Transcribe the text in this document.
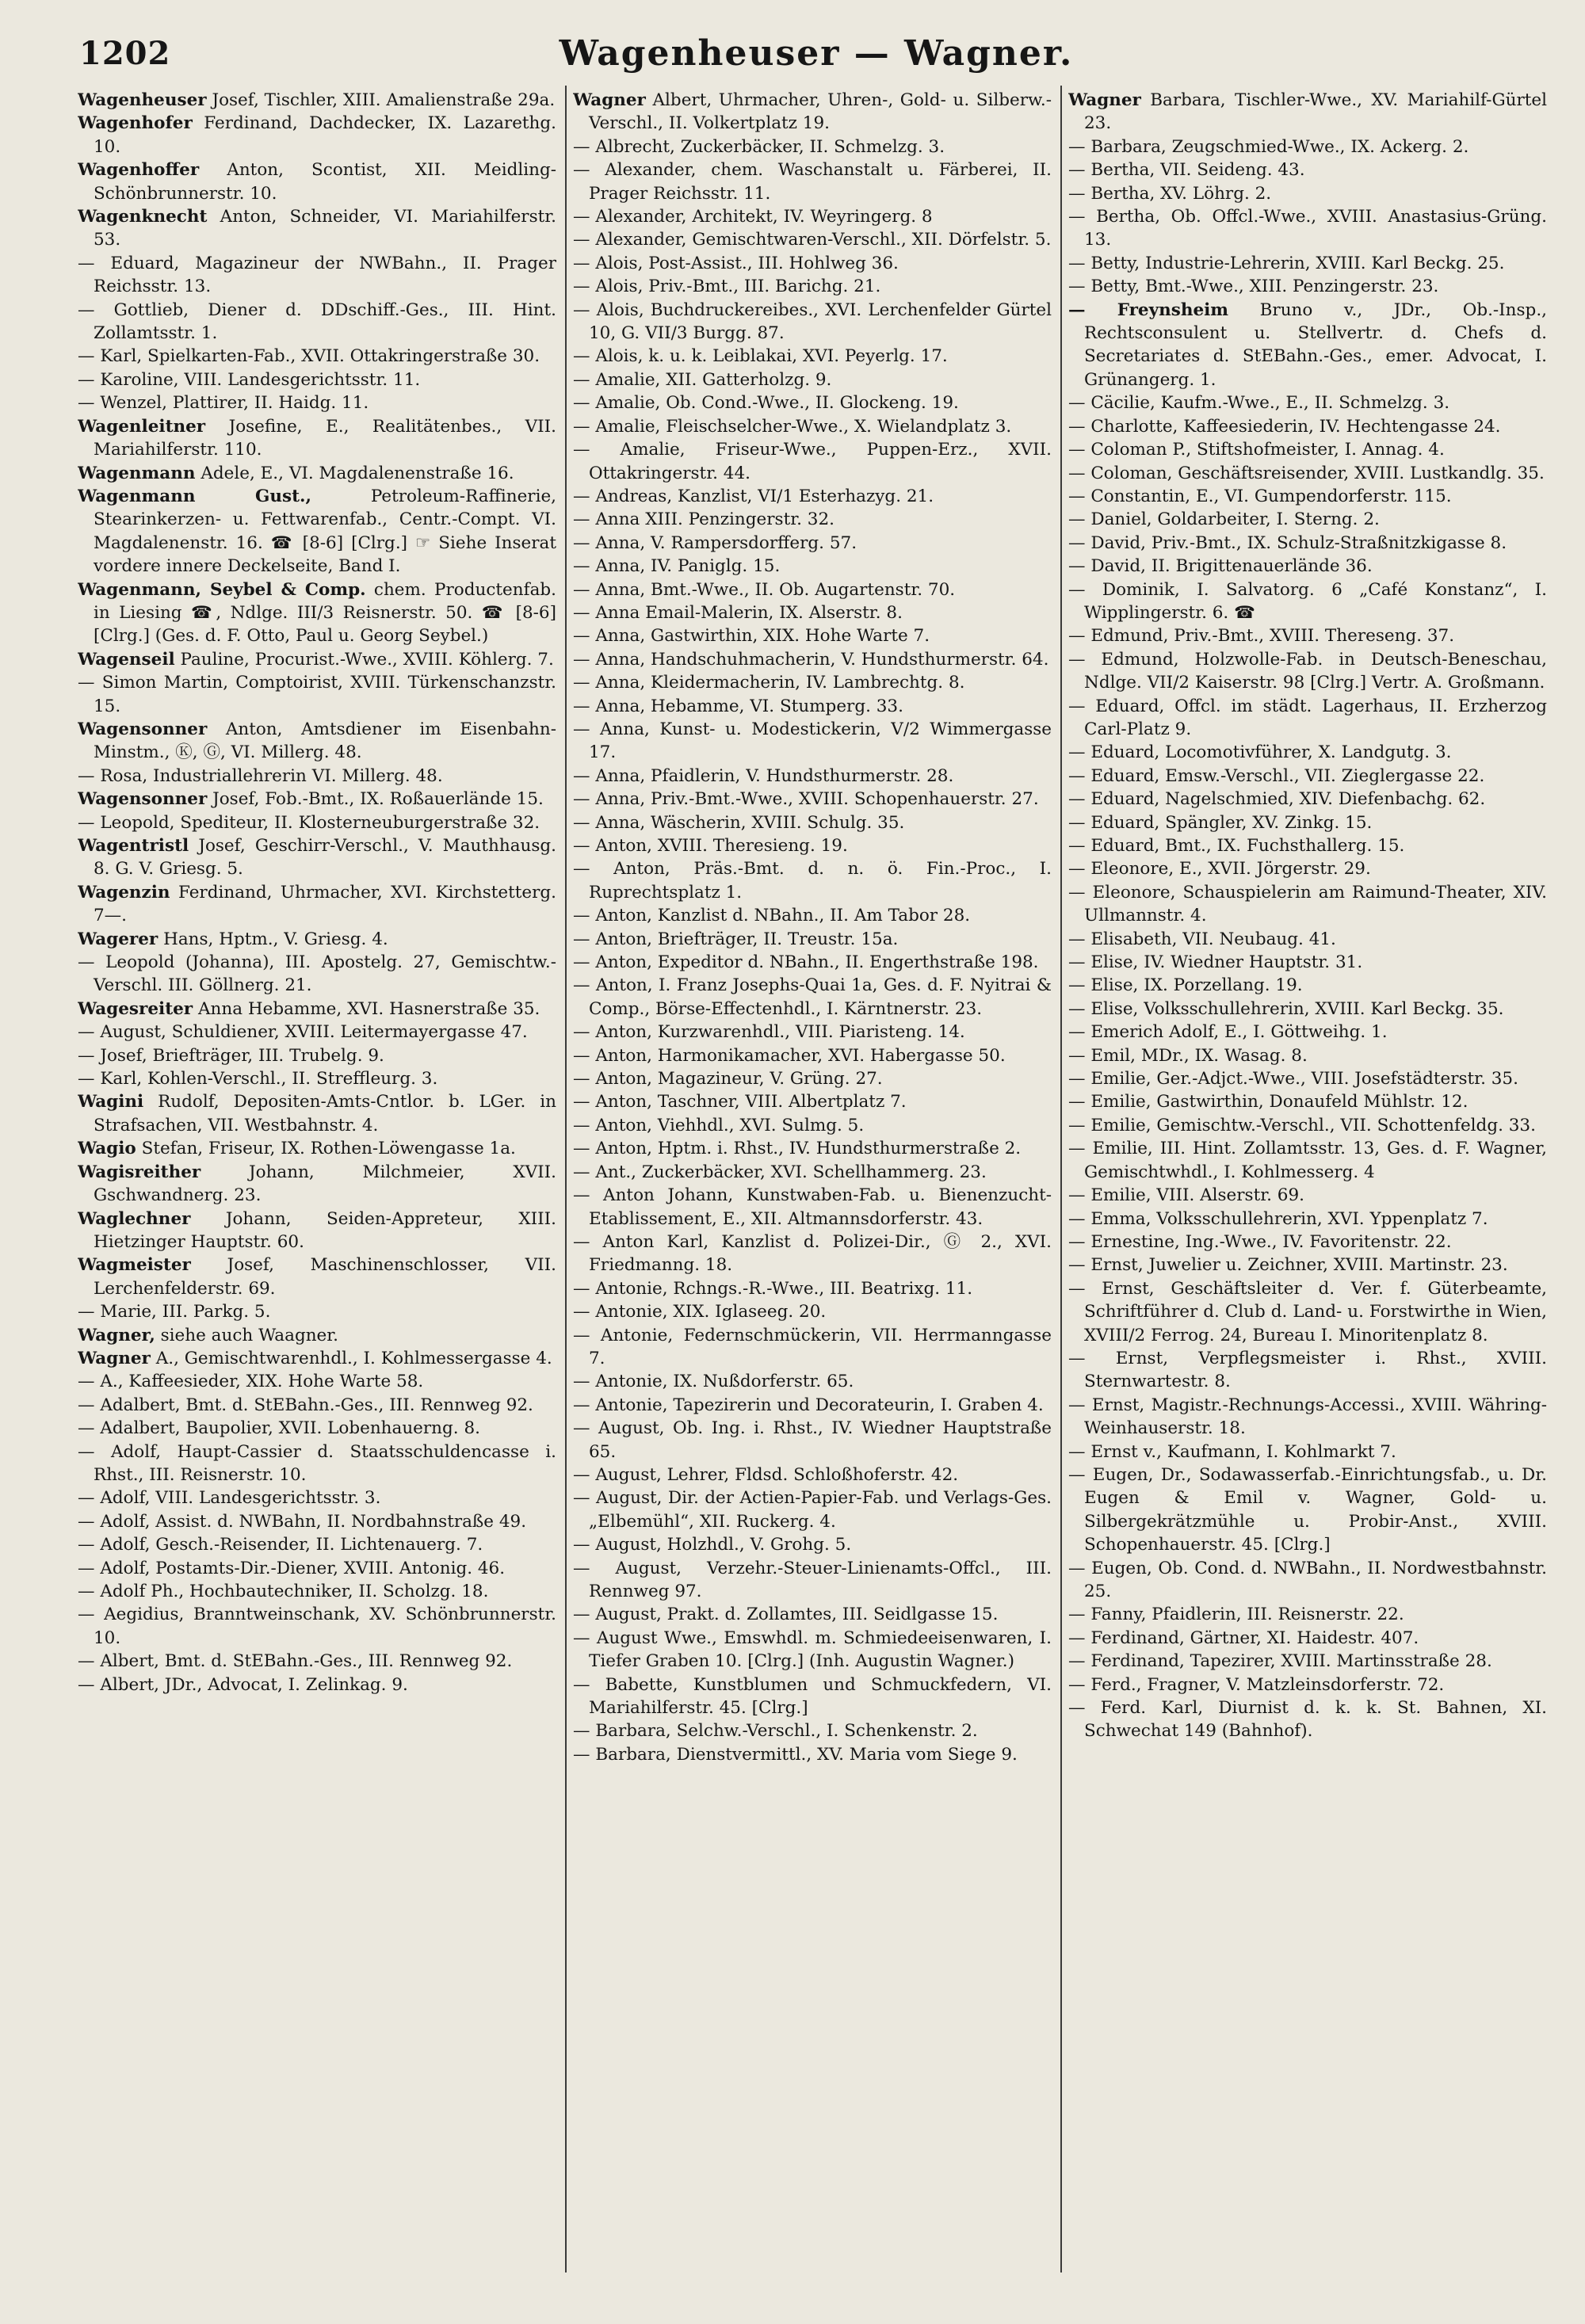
1202	Wagenheuser — Wagner.

Wagenheuser Josef, Tischler, XIII. Amalienstraße 29a.

Wagenhofer Ferdinand, Dachdecker, IX. Lazarethg. 10.

Wagenhoffer Anton, Scontist, XII. Meidling-Schönbrunnerstr. 10.

Wagenknecht Anton, Schneider, VI. Mariahilferstr. 53.

— Eduard, Magazineur der NWBahn., II. Prager Reichsstr. 13.

— Gottlieb, Diener d. DDschiff.-Ges., III. Hint. Zollamtsstr. 1.

— Karl, Spielkarten-Fab., XVII. Ottakringerstraße 30.

— Karoline, VIII. Landesgerichtsstr. 11.

— Wenzel, Plattirer, II. Haidg. 11.

Wagenleitner Josefine, E., Realitätenbes., VII. Mariahilferstr. 110.

Wagenmann Adele, E., VI. Magdalenenstraße 16.

Wagenmann Gust., Petroleum-Raffinerie, Stearinkerzen- u. Fettwarenfab., Centr.-Compt. VI. Magdalenenstr. 16. ☎ [8-6] [Clrg.] ☞ Siehe Inserat vordere innere Deckelseite, Band I.

Wagenmann, Seybel & Comp. chem. Productenfab. in Liesing ☎, Ndlge. III/3 Reisnerstr. 50. ☎ [8-6] [Clrg.] (Ges. d. F. Otto, Paul u. Georg Seybel.)

Wagenseil Pauline, Procurist.-Wwe., XVIII. Köhlerg. 7.

— Simon Martin, Comptoirist, XVIII. Türkenschanzstr. 15.

Wagensonner Anton, Amtsdiener im Eisenbahn-Minstm., Ⓚ, Ⓖ, VI. Millerg. 48.

— Rosa, Industriallehrerin VI. Millerg. 48.

Wagensonner Josef, Fob.-Bmt., IX. Roßauerlände 15.

— Leopold, Spediteur, II. Klosterneuburgerstraße 32.

Wagentristl Josef, Geschirr-Verschl., V. Mauthhausg. 8. G. V. Griesg. 5.

Wagenzin Ferdinand, Uhrmacher, XVI. Kirchstetterg. 7—.

Wagerer Hans, Hptm., V. Griesg. 4.

— Leopold (Johanna), III. Apostelg. 27, Gemischtw.-Verschl. III. Göllnerg. 21.

Wagesreiter Anna Hebamme, XVI. Hasnerstraße 35.

— August, Schuldiener, XVIII. Leitermayergasse 47.

— Josef, Briefträger, III. Trubelg. 9.

— Karl, Kohlen-Verschl., II. Streffleurg. 3.

Wagini Rudolf, Depositen-Amts-Cntlor. b. LGer. in Strafsachen, VII. Westbahnstr. 4.

Wagio Stefan, Friseur, IX. Rothen-Löwengasse 1a.

Wagisreither Johann, Milchmeier, XVII. Gschwandnerg. 23.

Waglechner Johann, Seiden-Appreteur, XIII. Hietzinger Hauptstr. 60.

Wagmeister Josef, Maschinenschlosser, VII. Lerchenfelderstr. 69.

— Marie, III. Parkg. 5.

Wagner, siehe auch Waagner.

Wagner A., Gemischtwarenhdl., I. Kohlmessergasse 4.

— A., Kaffeesieder, XIX. Hohe Warte 58.

— Adalbert, Bmt. d. StEBahn.-Ges., III. Rennweg 92.

— Adalbert, Baupolier, XVII. Lobenhauerng. 8.

— Adolf, Haupt-Cassier d. Staatsschuldencasse i. Rhst., III. Reisnerstr. 10.

— Adolf, VIII. Landesgerichtsstr. 3.

— Adolf, Assist. d. NWBahn, II. Nordbahnstraße 49.

— Adolf, Gesch.-Reisender, II. Lichtenauerg. 7.

— Adolf, Postamts-Dir.-Diener, XVIII. Antonig. 46.

— Adolf Ph., Hochbautechniker, II. Scholzg. 18.

— Aegidius, Branntweinschank, XV. Schönbrunnerstr. 10.

— Albert, Bmt. d. StEBahn.-Ges., III. Rennweg 92.

— Albert, JDr., Advocat, I. Zelinkag. 9.

Wagner Albert, Uhrmacher, Uhren-, Gold- u. Silberw.-Verschl., II. Volkertplatz 19.

— Albrecht, Zuckerbäcker, II. Schmelzg. 3.

— Alexander, chem. Waschanstalt u. Färberei, II. Prager Reichsstr. 11.

— Alexander, Architekt, IV. Weyringerg. 8

— Alexander, Gemischtwaren-Verschl., XII. Dörfelstr. 5.

— Alois, Post-Assist., III. Hohlweg 36.

— Alois, Priv.-Bmt., III. Barichg. 21.

— Alois, Buchdruckereibes., XVI. Lerchenfelder Gürtel 10, G. VII/3 Burgg. 87.

— Alois, k. u. k. Leiblakai, XVI. Peyerlg. 17.

— Amalie, XII. Gatterholzg. 9.

— Amalie, Ob. Cond.-Wwe., II. Glockeng. 19.

— Amalie, Fleischselcher-Wwe., X. Wielandplatz 3.

— Amalie, Friseur-Wwe., Puppen-Erz., XVII. Ottakringerstr. 44.

— Andreas, Kanzlist, VI/1 Esterhazyg. 21.

— Anna XIII. Penzingerstr. 32.

— Anna, V. Rampersdorfferg. 57.

— Anna, IV. Paniglg. 15.

— Anna, Bmt.-Wwe., II. Ob. Augartenstr. 70.

— Anna Email-Malerin, IX. Alserstr. 8.

— Anna, Gastwirthin, XIX. Hohe Warte 7.

— Anna, Handschuhmacherin, V. Hundsthurmerstr. 64.

— Anna, Kleidermacherin, IV. Lambrechtg. 8.

— Anna, Hebamme, VI. Stumperg. 33.

— Anna, Kunst- u. Modestickerin, V/2 Wimmergasse 17.

— Anna, Pfaidlerin, V. Hundsthurmerstr. 28.

— Anna, Priv.-Bmt.-Wwe., XVIII. Schopenhauerstr. 27.

— Anna, Wäscherin, XVIII. Schulg. 35.

— Anton, XVIII. Theresieng. 19.

— Anton, Präs.-Bmt. d. n. ö. Fin.-Proc., I. Ruprechtsplatz 1.

— Anton, Kanzlist d. NBahn., II. Am Tabor 28.

— Anton, Briefträger, II. Treustr. 15a.

— Anton, Expeditor d. NBahn., II. Engerthstraße 198.

— Anton, I. Franz Josephs-Quai 1a, Ges. d. F. Nyitrai & Comp., Börse-Effectenhdl., I. Kärntnerstr. 23.

— Anton, Kurzwarenhdl., VIII. Piaristeng. 14.

— Anton, Harmonikamacher, XVI. Habergasse 50.

— Anton, Magazineur, V. Grüng. 27.

— Anton, Taschner, VIII. Albertplatz 7.

— Anton, Viehhdl., XVI. Sulmg. 5.

— Anton, Hptm. i. Rhst., IV. Hundsthurmerstraße 2.

— Ant., Zuckerbäcker, XVI. Schellhammerg. 23.

— Anton Johann, Kunstwaben-Fab. u. Bienenzucht-Etablissement, E., XII. Altmannsdorferstr. 43.

— Anton Karl, Kanzlist d. Polizei-Dir., Ⓖ 2., XVI. Friedmanng. 18.

— Antonie, Rchngs.-R.-Wwe., III. Beatrixg. 11.

— Antonie, XIX. Iglaseeg. 20.

— Antonie, Federnschmückerin, VII. Herrmanngasse 7.

— Antonie, IX. Nußdorferstr. 65.

— Antonie, Tapezirerin und Decorateurin, I. Graben 4.

— August, Ob. Ing. i. Rhst., IV. Wiedner Hauptstraße 65.

— August, Lehrer, Fldsd. Schloßhoferstr. 42.

— August, Dir. der Actien-Papier-Fab. und Verlags-Ges. „Elbemühl“, XII. Ruckerg. 4.

— August, Holzhdl., V. Grohg. 5.

— August, Verzehr.-Steuer-Linienamts-Offcl., III. Rennweg 97.

— August, Prakt. d. Zollamtes, III. Seidlgasse 15.

— August Wwe., Emswhdl. m. Schmiedeeisenwaren, I. Tiefer Graben 10. [Clrg.] (Inh. Augustin Wagner.)

— Babette, Kunstblumen und Schmuckfedern, VI. Mariahilferstr. 45. [Clrg.]

— Barbara, Selchw.-Verschl., I. Schenkenstr. 2.

— Barbara, Dienstvermittl., XV. Maria vom Siege 9.

Wagner Barbara, Tischler-Wwe., XV. Mariahilf-Gürtel 23.

— Barbara, Zeugschmied-Wwe., IX. Ackerg. 2.

— Bertha, VII. Seideng. 43.

— Bertha, XV. Löhrg. 2.

— Bertha, Ob. Offcl.-Wwe., XVIII. Anastasius-Grüng. 13.

— Betty, Industrie-Lehrerin, XVIII. Karl Beckg. 25.

— Betty, Bmt.-Wwe., XIII. Penzingerstr. 23.

— Freynsheim Bruno v., JDr., Ob.-Insp., Rechtsconsulent u. Stellvertr. d. Chefs d. Secretariates d. StEBahn.-Ges., emer. Advocat, I. Grünangerg. 1.

— Cäcilie, Kaufm.-Wwe., E., II. Schmelzg. 3.

— Charlotte, Kaffeesiederin, IV. Hechtengasse 24.

— Coloman P., Stiftshofmeister, I. Annag. 4.

— Coloman, Geschäftsreisender, XVIII. Lustkandlg. 35.

— Constantin, E., VI. Gumpendorferstr. 115.

— Daniel, Goldarbeiter, I. Sterng. 2.

— David, Priv.-Bmt., IX. Schulz-Straßnitzkigasse 8.

— David, II. Brigittenauerlände 36.

— Dominik, I. Salvatorg. 6 „Café Konstanz“, I. Wipplingerstr. 6. ☎

— Edmund, Priv.-Bmt., XVIII. Thereseng. 37.

— Edmund, Holzwolle-Fab. in Deutsch-Beneschau, Ndlge. VII/2 Kaiserstr. 98 [Clrg.] Vertr. A. Großmann.

— Eduard, Offcl. im städt. Lagerhaus, II. Erzherzog Carl-Platz 9.

— Eduard, Locomotivführer, X. Landgutg. 3.

— Eduard, Emsw.-Verschl., VII. Zieglergasse 22.

— Eduard, Nagelschmied, XIV. Diefenbachg. 62.

— Eduard, Spängler, XV. Zinkg. 15.

— Eduard, Bmt., IX. Fuchsthallerg. 15.

— Eleonore, E., XVII. Jörgerstr. 29.

— Eleonore, Schauspielerin am Raimund-Theater, XIV. Ullmannstr. 4.

— Elisabeth, VII. Neubaug. 41.

— Elise, IV. Wiedner Hauptstr. 31.

— Elise, IX. Porzellang. 19.

— Elise, Volksschullehrerin, XVIII. Karl Beckg. 35.

— Emerich Adolf, E., I. Göttweihg. 1.

— Emil, MDr., IX. Wasag. 8.

— Emilie, Ger.-Adjct.-Wwe., VIII. Josefstädterstr. 35.

— Emilie, Gastwirthin, Donaufeld Mühlstr. 12.

— Emilie, Gemischtw.-Verschl., VII. Schottenfeldg. 33.

— Emilie, III. Hint. Zollamtsstr. 13, Ges. d. F. Wagner, Gemischtwhdl., I. Kohlmesserg. 4

— Emilie, VIII. Alserstr. 69.

— Emma, Volksschullehrerin, XVI. Yppenplatz 7.

— Ernestine, Ing.-Wwe., IV. Favoritenstr. 22.

— Ernst, Juwelier u. Zeichner, XVIII. Martinstr. 23.

— Ernst, Geschäftsleiter d. Ver. f. Güterbeamte, Schriftführer d. Club d. Land- u. Forstwirthe in Wien, XVIII/2 Ferrog. 24, Bureau I. Minoritenplatz 8.

— Ernst, Verpflegsmeister i. Rhst., XVIII. Sternwartestr. 8.

— Ernst, Magistr.-Rechnungs-Accessi., XVIII. Währing-Weinhauserstr. 18.

— Ernst v., Kaufmann, I. Kohlmarkt 7.

— Eugen, Dr., Sodawasserfab.-Einrichtungsfab., u. Dr. Eugen & Emil v. Wagner, Gold- u. Silbergekrätzmühle u. Probir-Anst., XVIII. Schopenhauerstr. 45. [Clrg.]

— Eugen, Ob. Cond. d. NWBahn., II. Nordwestbahnstr. 25.

— Fanny, Pfaidlerin, III. Reisnerstr. 22.

— Ferdinand, Gärtner, XI. Haidestr. 407.

— Ferdinand, Tapezirer, XVIII. Martinsstraße 28.

— Ferd., Fragner, V. Matzleinsdorferstr. 72.

— Ferd. Karl, Diurnist d. k. k. St. Bahnen, XI. Schwechat 149 (Bahnhof).
